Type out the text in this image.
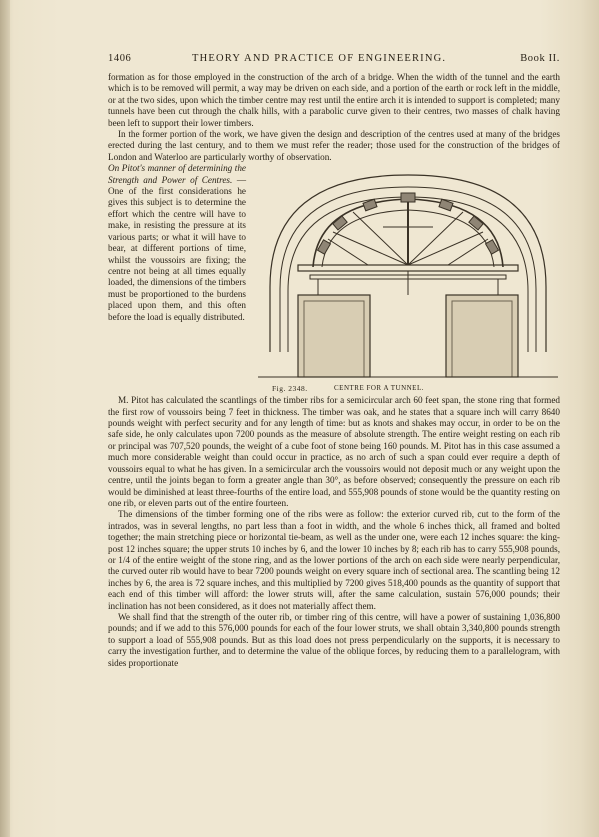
1406	THEORY AND PRACTICE OF ENGINEERING.	Book II.

formation as for those employed in the construction of the arch of a bridge. When the width of the tunnel and the earth which is to be removed will permit, a way may be driven on each side, and a portion of the earth or rock left in the middle, or at the two sides, upon which the timber centre may rest until the entire arch it is intended to support is completed; many tunnels have been cut through the chalk hills, with a parabolic curve given to their centres, two masses of chalk having been left to support their lower timbers.

In the former portion of the work, we have given the design and description of the centres used at many of the bridges erected during the last century, and to them we must refer the reader; those used for the construction of the bridges of London and Waterloo are particularly worthy of observation.

On Pitot's manner of determining the Strength and Power of Centres. — One of the first considerations he gives this subject is to determine the effort which the centre will have to make, in resisting the pressure at its various parts; or what it will have to bear, at different portions of time, whilst the voussoirs are fixing; the centre not being at all times equally loaded, the dimensions of the timbers must be proportioned to the burdens placed upon them, and this often before the load is equally distributed.
Fig. 2348.	CENTRE FOR A TUNNEL.

M. Pitot has calculated the scantlings of the timber ribs for a semicircular arch 60 feet span, the stone ring that formed the first row of voussoirs being 7 feet in thickness. The timber was oak, and he states that a square inch will carry 8640 pounds weight with perfect security and for any length of time: but as knots and shakes may occur, in order to be on the safe side, he only calculates upon 7200 pounds as the measure of absolute strength. The entire weight resting on each rib or principal was 707,520 pounds, the weight of a cube foot of stone being 160 pounds. M. Pitot has in this case assumed a much more considerable weight than could occur in practice, as no arch of such a span could ever require a depth of voussoirs equal to what he has given. In a semicircular arch the voussoirs would not deposit much or any weight upon the centre, until the joints began to form a greater angle than 30°, as before observed; consequently the pressure on each rib would be diminished at least three-fourths of the entire load, and 555,908 pounds of stone would be the quantity resting on one rib, or eleven parts out of the entire fourteen.

The dimensions of the timber forming one of the ribs were as follow: the exterior curved rib, cut to the form of the intrados, was in several lengths, no part less than a foot in width, and the whole 6 inches thick, all framed and bolted together; the main stretching piece or horizontal tie-beam, as well as the under one, were each 12 inches square: the king-post 12 inches square; the upper struts 10 inches by 6, and the lower 10 inches by 8; each rib has to carry 555,908 pounds, or 1/4 of the entire weight of the stone ring, and as the lower portions of the arch on each side were nearly perpendicular, the curved outer rib would have to bear 7200 pounds weight on every square inch of sectional area. The scantling being 12 inches by 6, the area is 72 square inches, and this multiplied by 7200 gives 518,400 pounds as the quantity of support that each end of this timber will afford: the lower struts will, after the same calculation, sustain 576,000 pounds; their inclination has not been considered, as it does not materially affect them.

We shall find that the strength of the outer rib, or timber ring of this centre, will have a power of sustaining 1,036,800 pounds; and if we add to this 576,000 pounds for each of the four lower struts, we shall obtain 3,340,800 pounds strength to support a load of 555,908 pounds. But as this load does not press perpendicularly on the supports, it is necessary to carry the investigation further, and to determine the value of the oblique forces, by reducing them to a parallelogram, with sides proportionate
